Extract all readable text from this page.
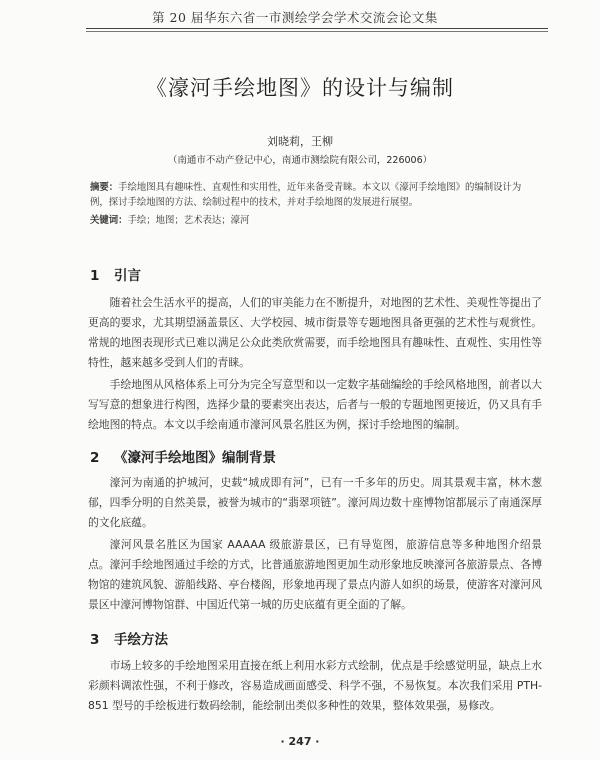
第 20 届华东六省一市测绘学会学术交流会论文集
《濠河手绘地图》的设计与编制
刘晓莉，王柳
（南通市不动产登记中心，南通市测绘院有限公司，226006）
摘要：手绘地图具有趣味性、直观性和实用性，近年来备受青睐。本文以《濠河手绘地图》的编制设计为例，探讨手绘地图的方法、绘制过程中的技术，并对手绘地图的发展进行展望。
关键词：手绘；地图；艺术表达；濠河
1 引言
随着社会生活水平的提高，人们的审美能力在不断提升，对地图的艺术性、美观性等提出了更高的要求，尤其期望涵盖景区、大学校园、城市街景等专题地图具备更强的艺术性与观赏性。常规的地图表现形式已难以满足公众此类欣赏需要，而手绘地图具有趣味性、直观性、实用性等特性，越来越多受到人们的青睐。
手绘地图从风格体系上可分为完全写意型和以一定数字基础编绘的手绘风格地图，前者以大写写意的想象进行构图，选择少量的要素突出表达，后者与一般的专题地图更接近，仍又具有手绘地图的特点。本文以手绘南通市濠河风景名胜区为例，探讨手绘地图的编制。
2 《濠河手绘地图》编制背景
濠河为南通的护城河，史载“城成即有河”，已有一千多年的历史。周其景观丰富，林木葱郁，四季分明的自然美景，被誉为城市的“翡翠项链”。濠河周边数十座博物馆都展示了南通深厚的文化底蕴。
濠河风景名胜区为国家 AAAAA 级旅游景区，已有导览图，旅游信息等多种地图介绍景点。濠河手绘地图通过手绘的方式，比普通旅游地图更加生动形象地反映濠河各旅游景点、各博物馆的建筑风貌、游船线路、亭台楼阁，形象地再现了景点内游人如织的场景，使游客对濠河风景区中濠河博物馆群、中国近代第一城的历史底蕴有更全面的了解。
3 手绘方法
市场上较多的手绘地图采用直接在纸上利用水彩方式绘制，优点是手绘感觉明显，缺点上水彩颜料调浓性强，不利于修改，容易造成画面感受、科学不强，不易恢复。本次我们采用 PTH-851 型号的手绘板进行数码绘制，能绘制出类似多种性的效果，整体效果强，易修改。
· 247 ·
